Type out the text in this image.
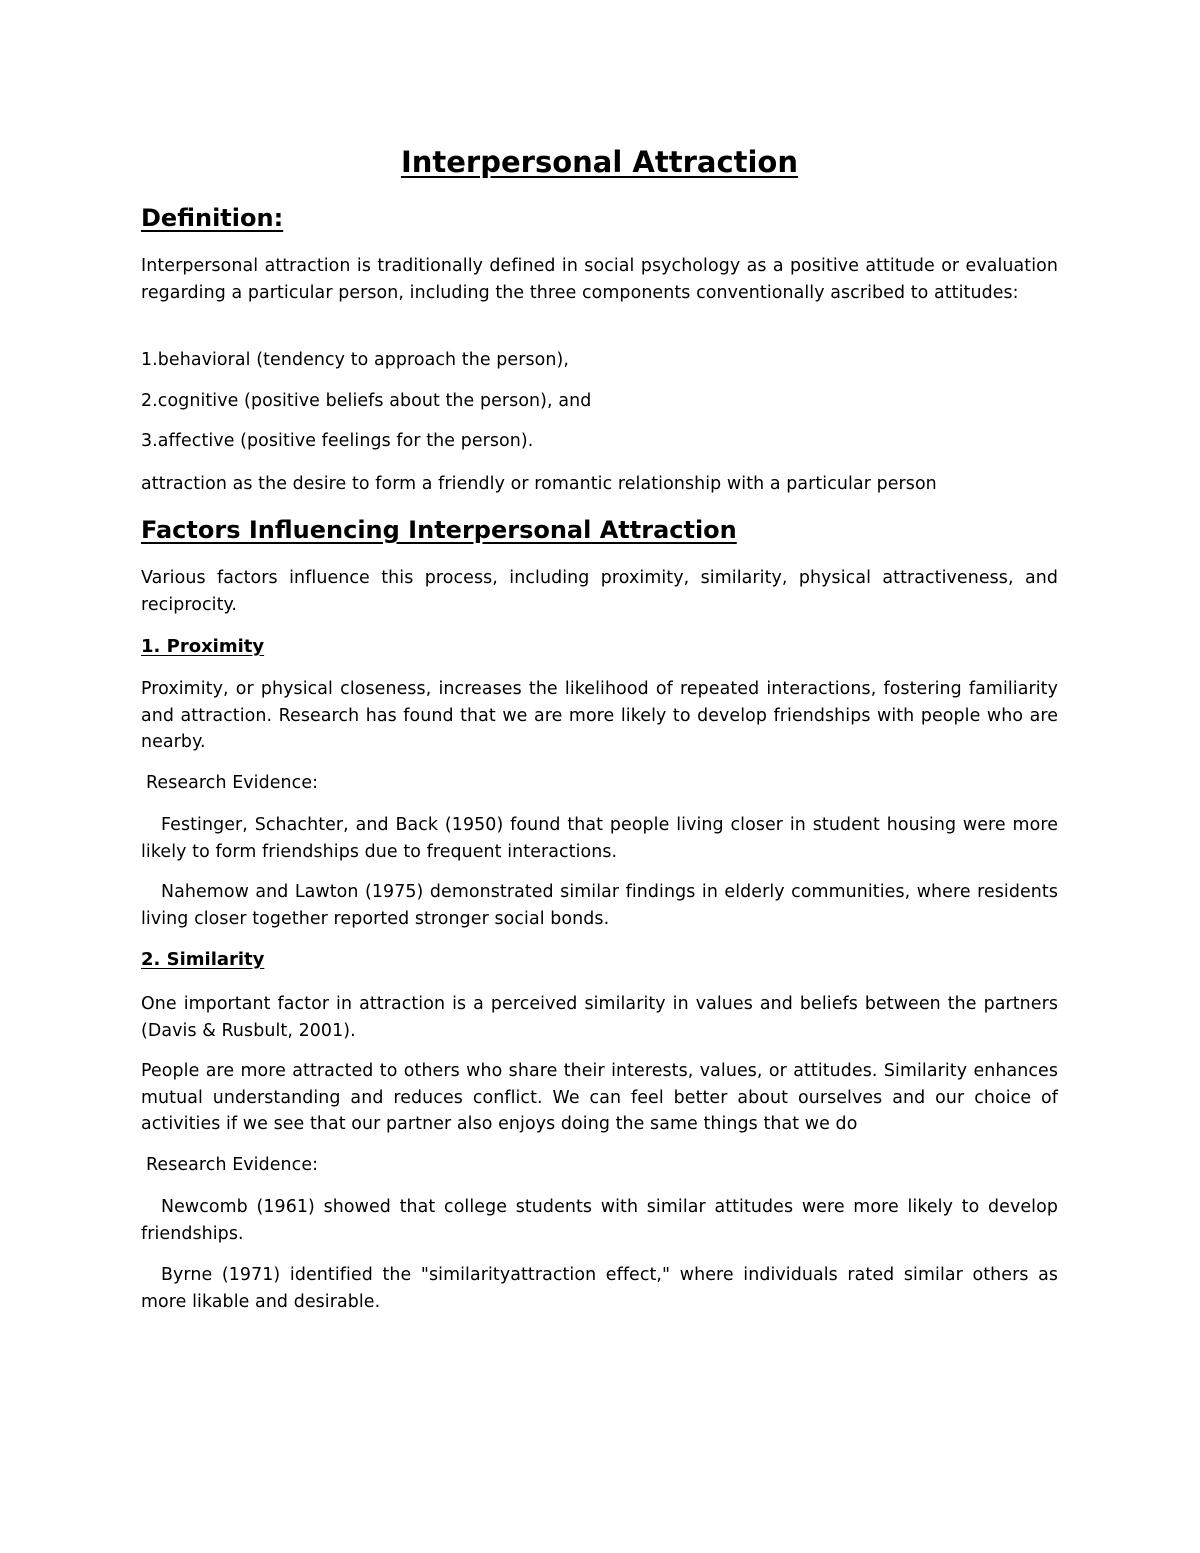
Interpersonal Attraction
Definition:

Interpersonal attraction is traditionally defined in social psychology as a positive attitude or evaluation regarding a particular person, including the three components conventionally ascribed to attitudes:

1.behavioral (tendency to approach the person),

2.cognitive (positive beliefs about the person), and

3.affective (positive feelings for the person).

attraction as the desire to form a friendly or romantic relationship with a particular person

Factors Influencing Interpersonal Attraction

Various factors influence this process, including proximity, similarity, physical attractiveness, and reciprocity.

1. Proximity

Proximity, or physical closeness, increases the likelihood of repeated interactions, fostering familiarity and attraction. Research has found that we are more likely to develop friendships with people who are nearby.

Research Evidence:

Festinger, Schachter, and Back (1950) found that people living closer in student housing were more likely to form friendships due to frequent interactions.

Nahemow and Lawton (1975) demonstrated similar findings in elderly communities, where residents living closer together reported stronger social bonds.

2. Similarity

One important factor in attraction is a perceived similarity in values and beliefs between the partners (Davis & Rusbult, 2001).

People are more attracted to others who share their interests, values, or attitudes. Similarity enhances mutual understanding and reduces conflict. We can feel better about ourselves and our choice of activities if we see that our partner also enjoys doing the same things that we do

Research Evidence:

Newcomb (1961) showed that college students with similar attitudes were more likely to develop friendships.

Byrne (1971) identified the "similarityattraction effect," where individuals rated similar others as more likable and desirable.
